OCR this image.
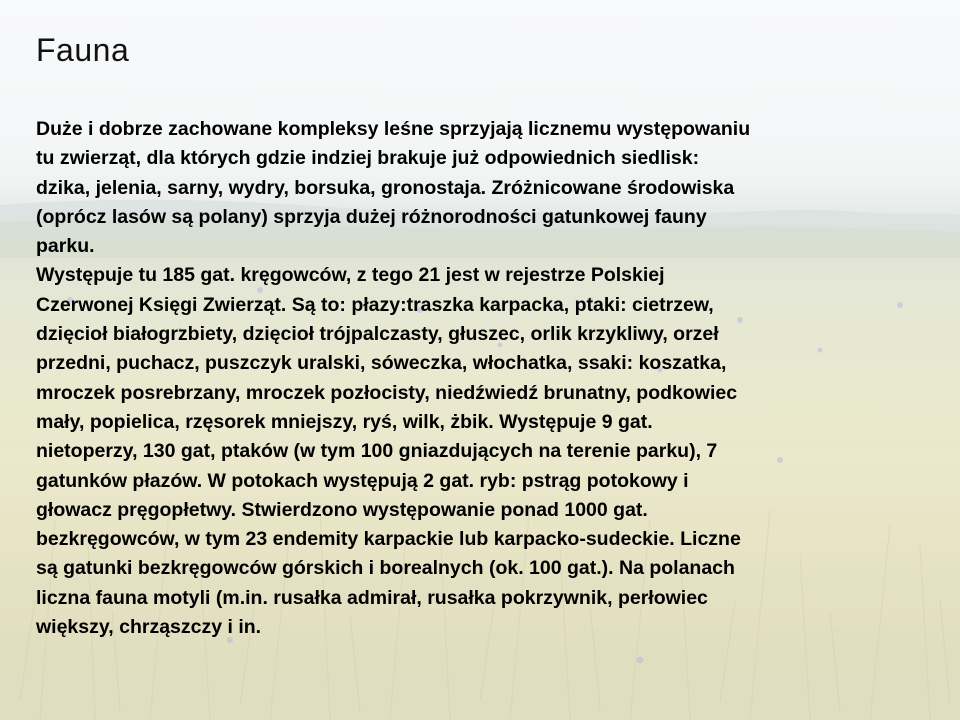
Fauna

Duże i dobrze zachowane kompleksy leśne sprzyjają licznemu występowaniu
tu zwierząt, dla których gdzie indziej brakuje już odpowiednich siedlisk:
dzika, jelenia, sarny, wydry, borsuka, gronostaja. Zróżnicowane środowiska
(oprócz lasów są polany) sprzyja dużej różnorodności gatunkowej fauny
parku.
Występuje tu 185 gat. kręgowców, z tego 21 jest w rejestrze Polskiej
Czerwonej Księgi Zwierząt. Są to: płazy:traszka karpacka, ptaki: cietrzew,
dzięcioł białogrzbiety, dzięcioł trójpalczasty, głuszec, orlik krzykliwy, orzeł
przedni, puchacz, puszczyk uralski, sóweczka, włochatka, ssaki: koszatka,
mroczek posrebrzany, mroczek pozłocisty, niedźwiedź brunatny, podkowiec
mały, popielica, rzęsorek mniejszy, ryś, wilk, żbik. Występuje 9 gat.
nietoperzy, 130 gat, ptaków (w tym 100 gniazdujących na terenie parku), 7
gatunków płazów. W potokach występują 2 gat. ryb: pstrąg potokowy i
głowacz pręgopłetwy. Stwierdzono występowanie ponad 1000 gat.
bezkręgowców, w tym 23 endemity karpackie lub karpacko-sudeckie. Liczne
są gatunki bezkręgowców górskich i borealnych (ok. 100 gat.). Na polanach
liczna fauna motyli (m.in. rusałka admirał, rusałka pokrzywnik, perłowiec
większy, chrząszczy i in.
